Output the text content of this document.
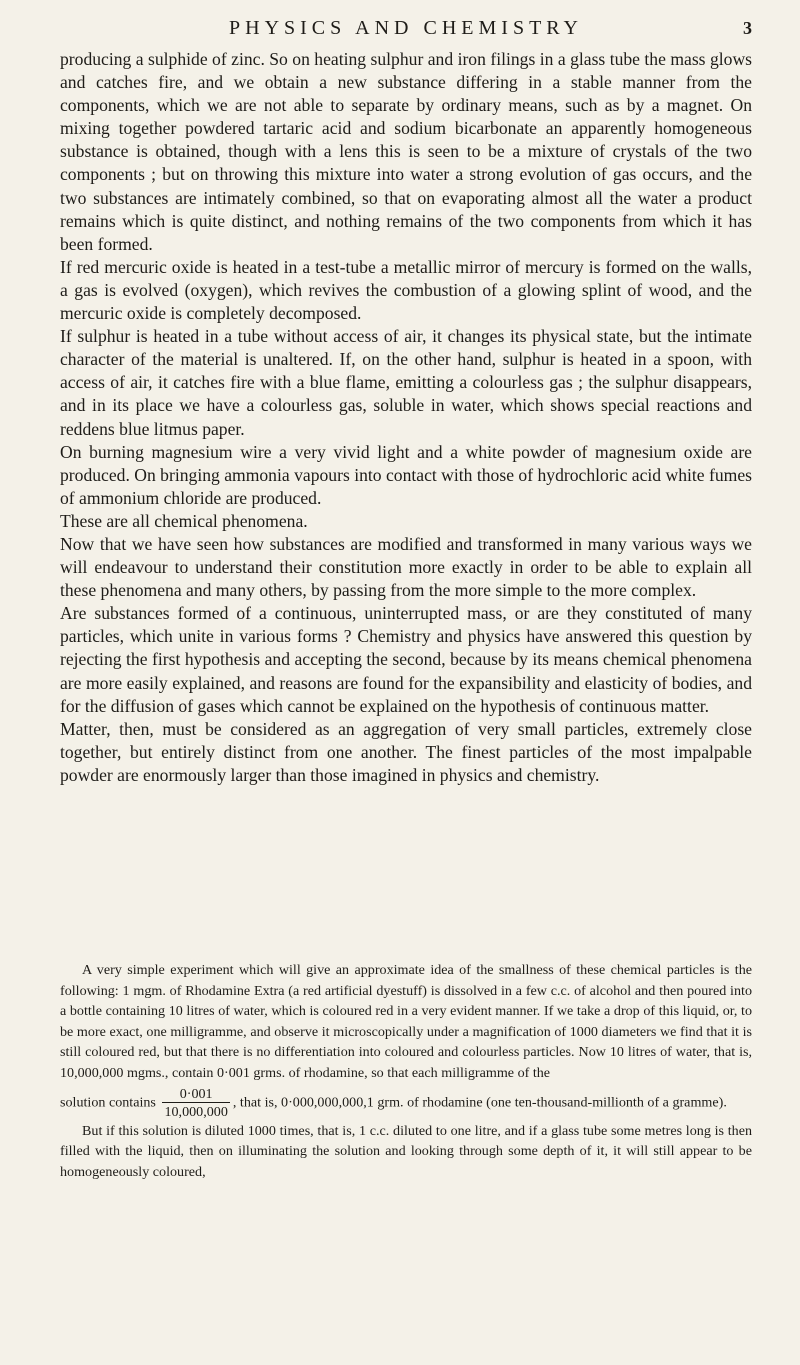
PHYSICS AND CHEMISTRY	3

producing a sulphide of zinc. So on heating sulphur and iron filings in a glass tube the mass glows and catches fire, and we obtain a new substance differing in a stable manner from the components, which we are not able to separate by ordinary means, such as by a magnet. On mixing together powdered tartaric acid and sodium bicarbonate an apparently homogeneous substance is obtained, though with a lens this is seen to be a mixture of crystals of the two components ; but on throwing this mixture into water a strong evolution of gas occurs, and the two substances are intimately combined, so that on evaporating almost all the water a product remains which is quite distinct, and nothing remains of the two components from which it has been formed.

If red mercuric oxide is heated in a test-tube a metallic mirror of mercury is formed on the walls, a gas is evolved (oxygen), which revives the combustion of a glowing splint of wood, and the mercuric oxide is completely decomposed.

If sulphur is heated in a tube without access of air, it changes its physical state, but the intimate character of the material is unaltered. If, on the other hand, sulphur is heated in a spoon, with access of air, it catches fire with a blue flame, emitting a colourless gas ; the sulphur disappears, and in its place we have a colourless gas, soluble in water, which shows special reactions and reddens blue litmus paper.

On burning magnesium wire a very vivid light and a white powder of magnesium oxide are produced. On bringing ammonia vapours into contact with those of hydrochloric acid white fumes of ammonium chloride are produced.

These are all chemical phenomena.

Now that we have seen how substances are modified and transformed in many various ways we will endeavour to understand their constitution more exactly in order to be able to explain all these phenomena and many others, by passing from the more simple to the more complex.

Are substances formed of a continuous, uninterrupted mass, or are they constituted of many particles, which unite in various forms ? Chemistry and physics have answered this question by rejecting the first hypothesis and accepting the second, because by its means chemical phenomena are more easily explained, and reasons are found for the expansibility and elasticity of bodies, and for the diffusion of gases which cannot be explained on the hypothesis of continuous matter.

Matter, then, must be considered as an aggregation of very small particles, extremely close together, but entirely distinct from one another. The finest particles of the most impalpable powder are enormously larger than those imagined in physics and chemistry.

A very simple experiment which will give an approximate idea of the smallness of these chemical particles is the following: 1 mgm. of Rhodamine Extra (a red artificial dyestuff) is dissolved in a few c.c. of alcohol and then poured into a bottle containing 10 litres of water, which is coloured red in a very evident manner. If we take a drop of this liquid, or, to be more exact, one milligramme, and observe it microscopically under a magnification of 1000 diameters we find that it is still coloured red, but that there is no differentiation into coloured and colourless particles. Now 10 litres of water, that is, 10,000,000 mgms., contain 0·001 grms. of rhodamine, so that each milligramme of the

solution contains $\frac{0\cdot 001}{10,000,000}$ , that is, 0·000,000,000,1 grm. of rhodamine (one ten-thousand-millionth of a gramme).

But if this solution is diluted 1000 times, that is, 1 c.c. diluted to one litre, and if a glass tube some metres long is then filled with the liquid, then on illuminating the solution and looking through some depth of it, it will still appear to be homogeneously coloured,
